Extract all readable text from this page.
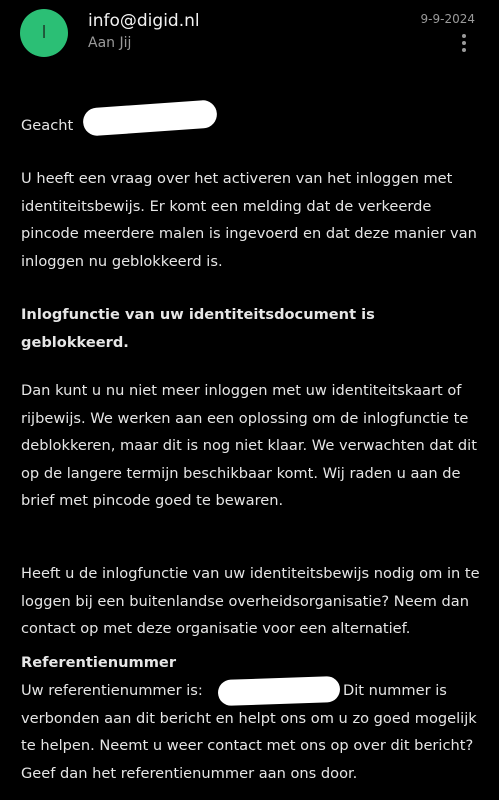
I
info@digid.nl
Aan Jij
9-9-2024

Geacht

U heeft een vraag over het activeren van het inloggen met identiteitsbewijs. Er komt een melding dat de verkeerde pincode meerdere malen is ingevoerd en dat deze manier van inloggen nu geblokkeerd is.

Inlogfunctie van uw identiteitsdocument is geblokkeerd.

Dan kunt u nu niet meer inloggen met uw identiteitskaart of rijbewijs. We werken aan een oplossing om de inlogfunctie te deblokkeren, maar dit is nog niet klaar. We verwachten dat dit op de langere termijn beschikbaar komt. Wij raden u aan de brief met pincode goed te bewaren.

Heeft u de inlogfunctie van uw identiteitsbewijs nodig om in te loggen bij een buitenlandse overheidsorganisatie? Neem dan contact op met deze organisatie voor een alternatief.

Referentienummer

Uw referentienummer is:	Dit nummer is verbonden aan dit bericht en helpt ons om u zo goed mogelijk te helpen. Neemt u weer contact met ons op over dit bericht? Geef dan het referentienummer aan ons door.
